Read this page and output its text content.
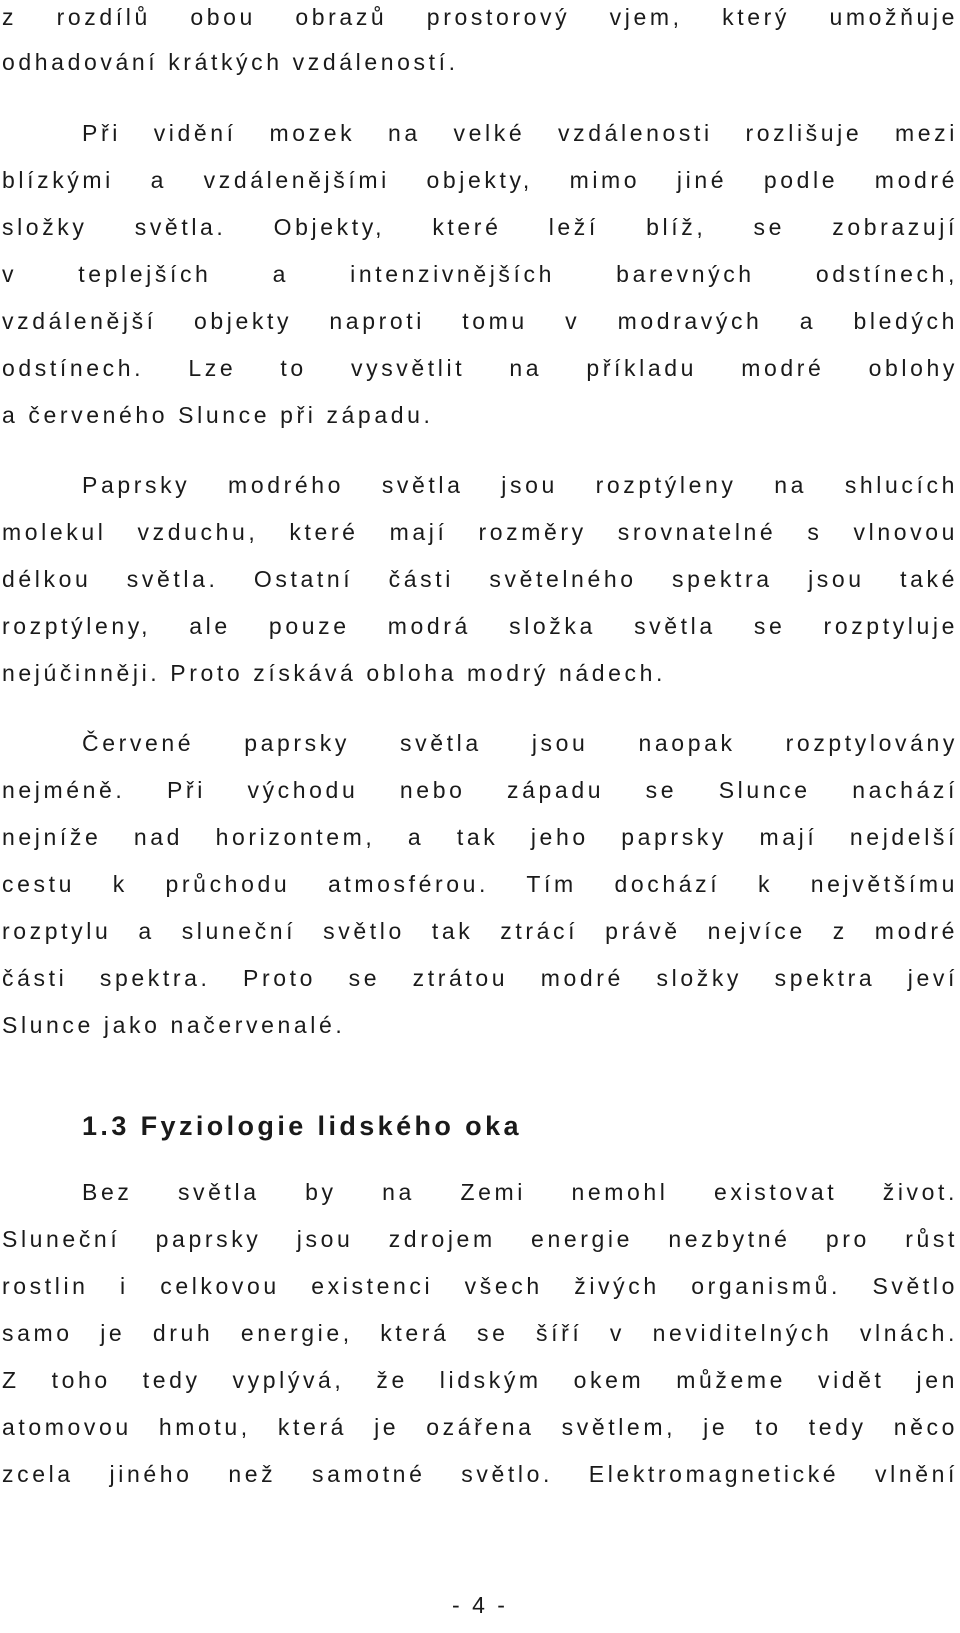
z rozdílů obou obrazů prostorový vjem, který umožňuje
odhadování krátkých vzdáleností.
Při vidění mozek na velké vzdálenosti rozlišuje mezi
blízkými a vzdálenějšími objekty, mimo jiné podle modré
složky světla. Objekty, které leží blíž, se zobrazují
v teplejších a intenzivnějších barevných odstínech,
vzdálenější objekty naproti tomu v modravých a bledých
odstínech. Lze to vysvětlit na příkladu modré oblohy
a červeného Slunce při západu.
Paprsky modrého světla jsou rozptýleny na shlucích
molekul vzduchu, které mají rozměry srovnatelné s vlnovou
délkou světla. Ostatní části světelného spektra jsou také
rozptýleny, ale pouze modrá složka světla se rozptyluje
nejúčinněji. Proto získává obloha modrý nádech.
Červené paprsky světla jsou naopak rozptylovány
nejméně. Při východu nebo západu se Slunce nachází
nejníže nad horizontem, a tak jeho paprsky mají nejdelší
cestu k průchodu atmosférou. Tím dochází k největšímu
rozptylu a sluneční světlo tak ztrácí právě nejvíce z modré
části spektra. Proto se ztrátou modré složky spektra jeví
Slunce jako načervenalé.
1.3 Fyziologie lidského oka
Bez světla by na Zemi nemohl existovat život.
Sluneční paprsky jsou zdrojem energie nezbytné pro růst
rostlin i celkovou existenci všech živých organismů. Světlo
samo je druh energie, která se šíří v neviditelných vlnách.
Z toho tedy vyplývá, že lidským okem můžeme vidět jen
atomovou hmotu, která je ozářena světlem, je to tedy něco
zcela jiného než samotné světlo. Elektromagnetické vlnění
- 4 -
